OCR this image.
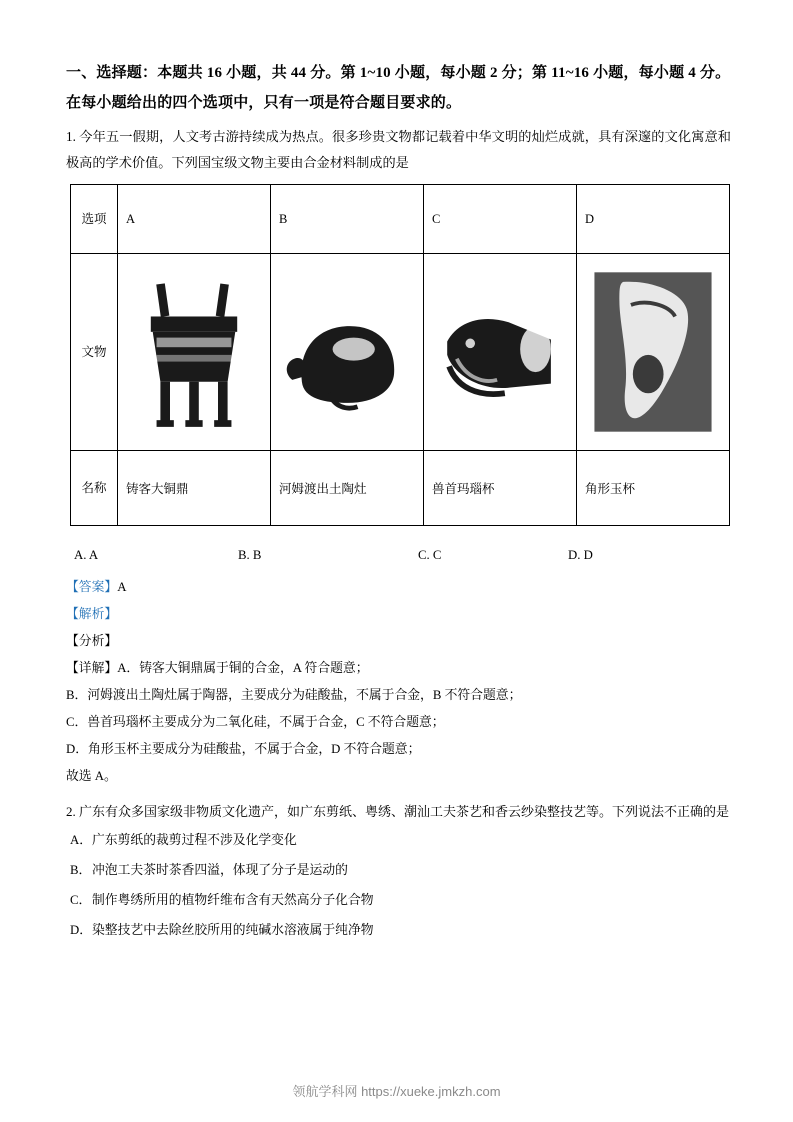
一、选择题：本题共 16 小题，共 44 分。第 1~10 小题，每小题 2 分；第 11~16 小题，每小题 4 分。在每小题给出的四个选项中，只有一项是符合题目要求的。
1. 今年五一假期，人文考古游持续成为热点。很多珍贵文物都记载着中华文明的灿烂成就，具有深邃的文化寓意和极高的学术价值。下列国宝级文物主要由合金材料制成的是
选项	A	B	C	D
文物	

名称	铸客大铜鼎	河姆渡出土陶灶	兽首玛瑙杯	角形玉杯
A. A	B. B	C. C	D. D
【答案】A
【解析】
【分析】
【详解】A．铸客大铜鼎属于铜的合金，A 符合题意；
B．河姆渡出土陶灶属于陶器，主要成分为硅酸盐，不属于合金，B 不符合题意；
C．兽首玛瑙杯主要成分为二氧化硅，不属于合金，C 不符合题意；
D．角形玉杯主要成分为硅酸盐，不属于合金，D 不符合题意；
故选 A。
2. 广东有众多国家级非物质文化遗产，如广东剪纸、粤绣、潮汕工夫茶艺和香云纱染整技艺等。下列说法不正确的是
A．广东剪纸的裁剪过程不涉及化学变化
B．冲泡工夫茶时茶香四溢，体现了分子是运动的
C．制作粤绣所用的植物纤维布含有天然高分子化合物
D．染整技艺中去除丝胶所用的纯碱水溶液属于纯净物
领航学科网 https://xueke.jmkzh.com
